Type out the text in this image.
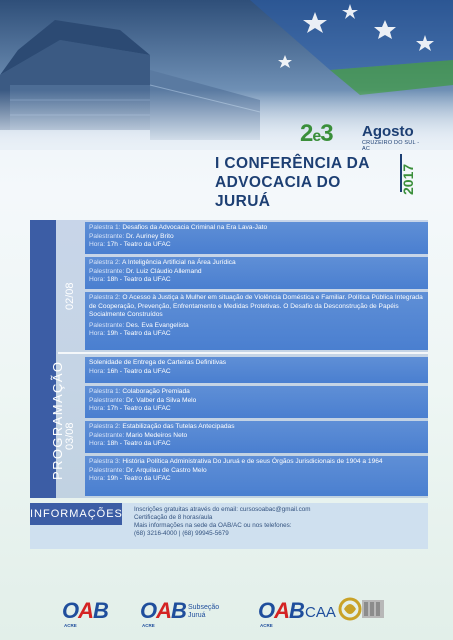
2e3 Agosto
CRUZEIRO DO SUL - AC
I CONFERÊNCIA DA
ADVOCACIA DO JURUÁ
2017
PROGRAMAÇÃO
02/08
03/08
Palestra 1: Desafios da Advocacia Criminal na Era Lava-Jato
Palestrante: Dr. Auriney Brito
Hora: 17h - Teatro da UFAC
Palestra 2: A Inteligência Artificial na Área Jurídica
Palestrante: Dr. Luiz Cláudio Allemand
Hora: 18h - Teatro da UFAC
Palestra 2: O Acesso à Justiça à Mulher em situação de Violência Doméstica e Familiar. Política Pública Integrada de Cooperação, Prevenção, Enfrentamento e Medidas Protetivas. O Desafio da Desconstrução de Papéis Socialmente Construídos
Palestrante: Des. Eva Evangelista
Hora: 19h - Teatro da UFAC
Solenidade de Entrega de Carteiras Definitivas
Hora: 16h - Teatro da UFAC
Palestra 1: Colaboração Premiada
Palestrante: Dr. Valber da Silva Melo
Hora: 17h - Teatro da UFAC
Palestra 2: Estabilização das Tutelas Antecipadas
Palestrante: Mario Medeiros Neto
Hora: 18h - Teatro da UFAC
Palestra 3: História Política Administrativa Do Juruá e de seus Órgãos Jurisdicionais de 1904 a 1964
Palestrante: Dr. Arquilau de Castro Melo
Hora: 19h - Teatro da UFAC
INFORMAÇÕES Inscrições gratuitas através do email: cursosoabac@gmail.com
Certificação de 8 horas/aula
Mais informações na sede da OAB/AC ou nos telefones:
(68) 3216-4000 | (68) 99945-5679
OAB
ACRE
OAB
ACRE
Subseção
Juruá	OAB
ACRE
CAA
